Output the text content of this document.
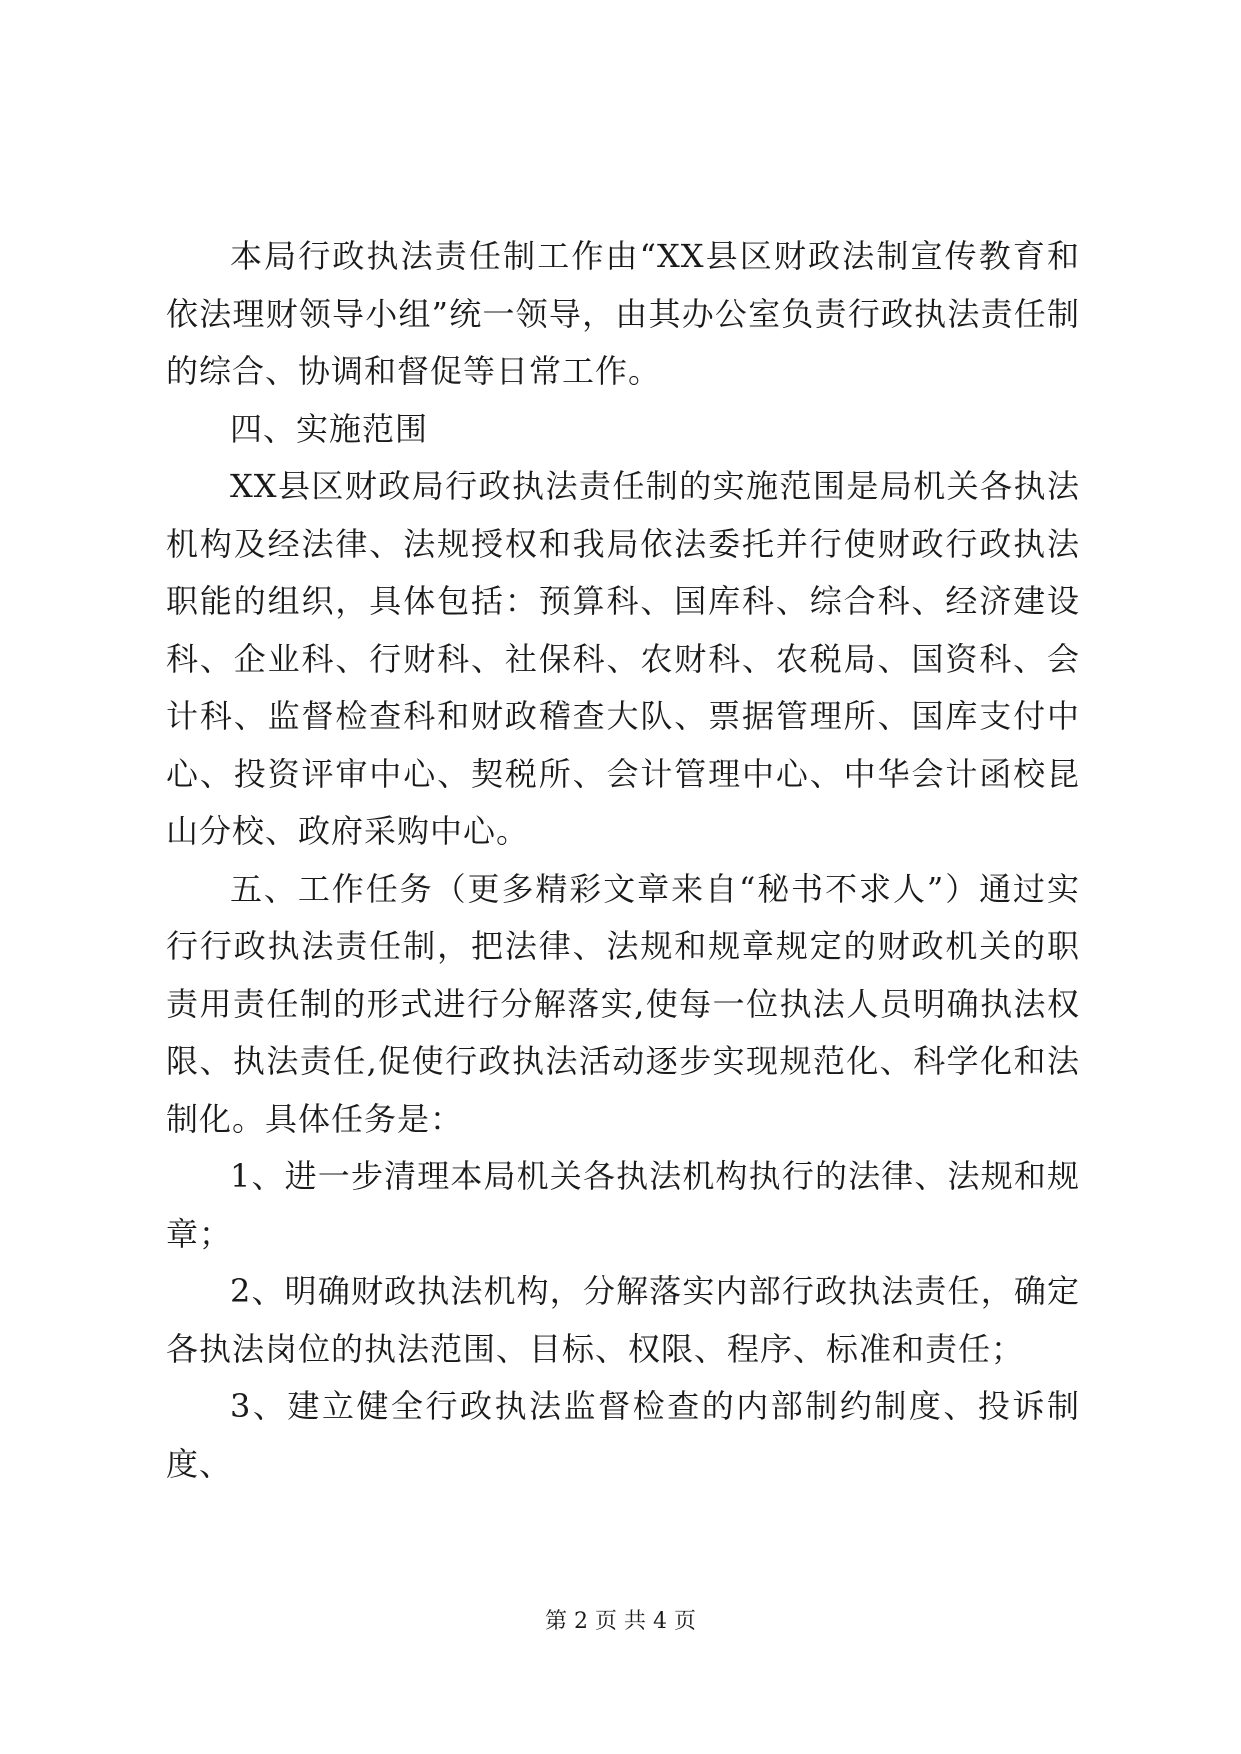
本局行政执法责任制工作由“XX县区财政法制宣传教育和依法理财领导小组”统一领导，由其办公室负责行政执法责任制的综合、协调和督促等日常工作。

四、实施范围

XX县区财政局行政执法责任制的实施范围是局机关各执法机构及经法律、法规授权和我局依法委托并行使财政行政执法职能的组织，具体包括：预算科、国库科、综合科、经济建设科、企业科、行财科、社保科、农财科、农税局、国资科、会计科、监督检查科和财政稽查大队、票据管理所、国库支付中心、投资评审中心、契税所、会计管理中心、中华会计函校昆山分校、政府采购中心。

五、工作任务（更多精彩文章来自“秘书不求人”）通过实行行政执法责任制，把法律、法规和规章规定的财政机关的职责用责任制的形式进行分解落实,使每一位执法人员明确执法权限、执法责任,促使行政执法活动逐步实现规范化、科学化和法制化。具体任务是：

1、进一步清理本局机关各执法机构执行的法律、法规和规章；

2、明确财政执法机构，分解落实内部行政执法责任，确定各执法岗位的执法范围、目标、权限、程序、标准和责任；

3、建立健全行政执法监督检查的内部制约制度、投诉制度、

第 2 页 共 4 页
